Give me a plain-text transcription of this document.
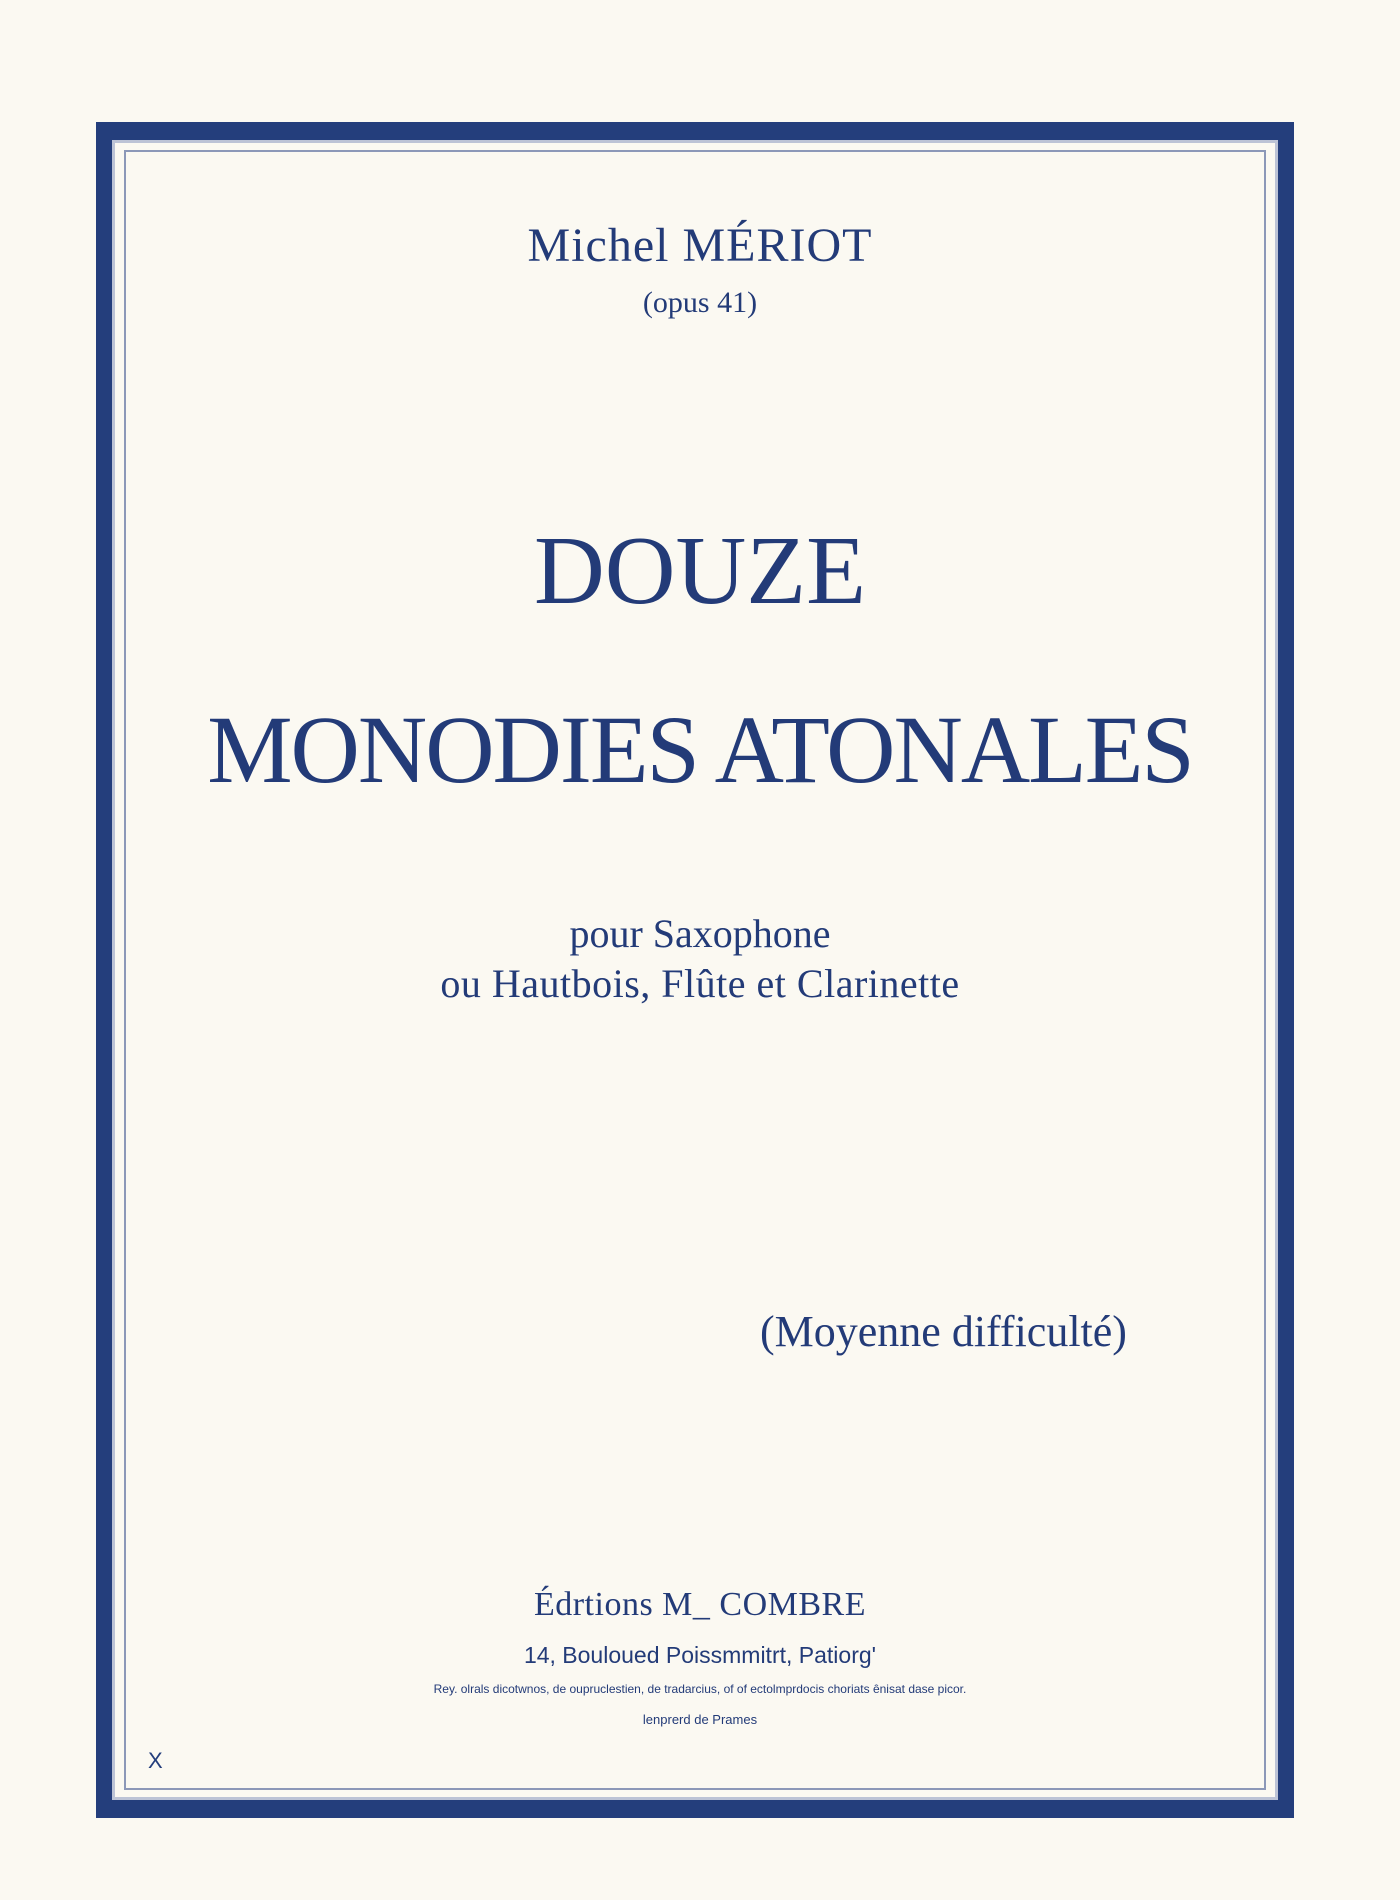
Michel MÉRIOT
(opus 41)
DOUZE
MONODIES ATONALES
pour Saxophone
ou Hautbois, Flûte et Clarinette
(Moyenne difficulté)
Édrtions M_ COMBRE
14, Bouloued Poissmmitrt, Patiorg'
Rey. olrals dicotwnos, de oupruclestien, de tradarcius, of of ectolmprdocis choriats ênisat dase picor.
lenprerd de Prames
X
